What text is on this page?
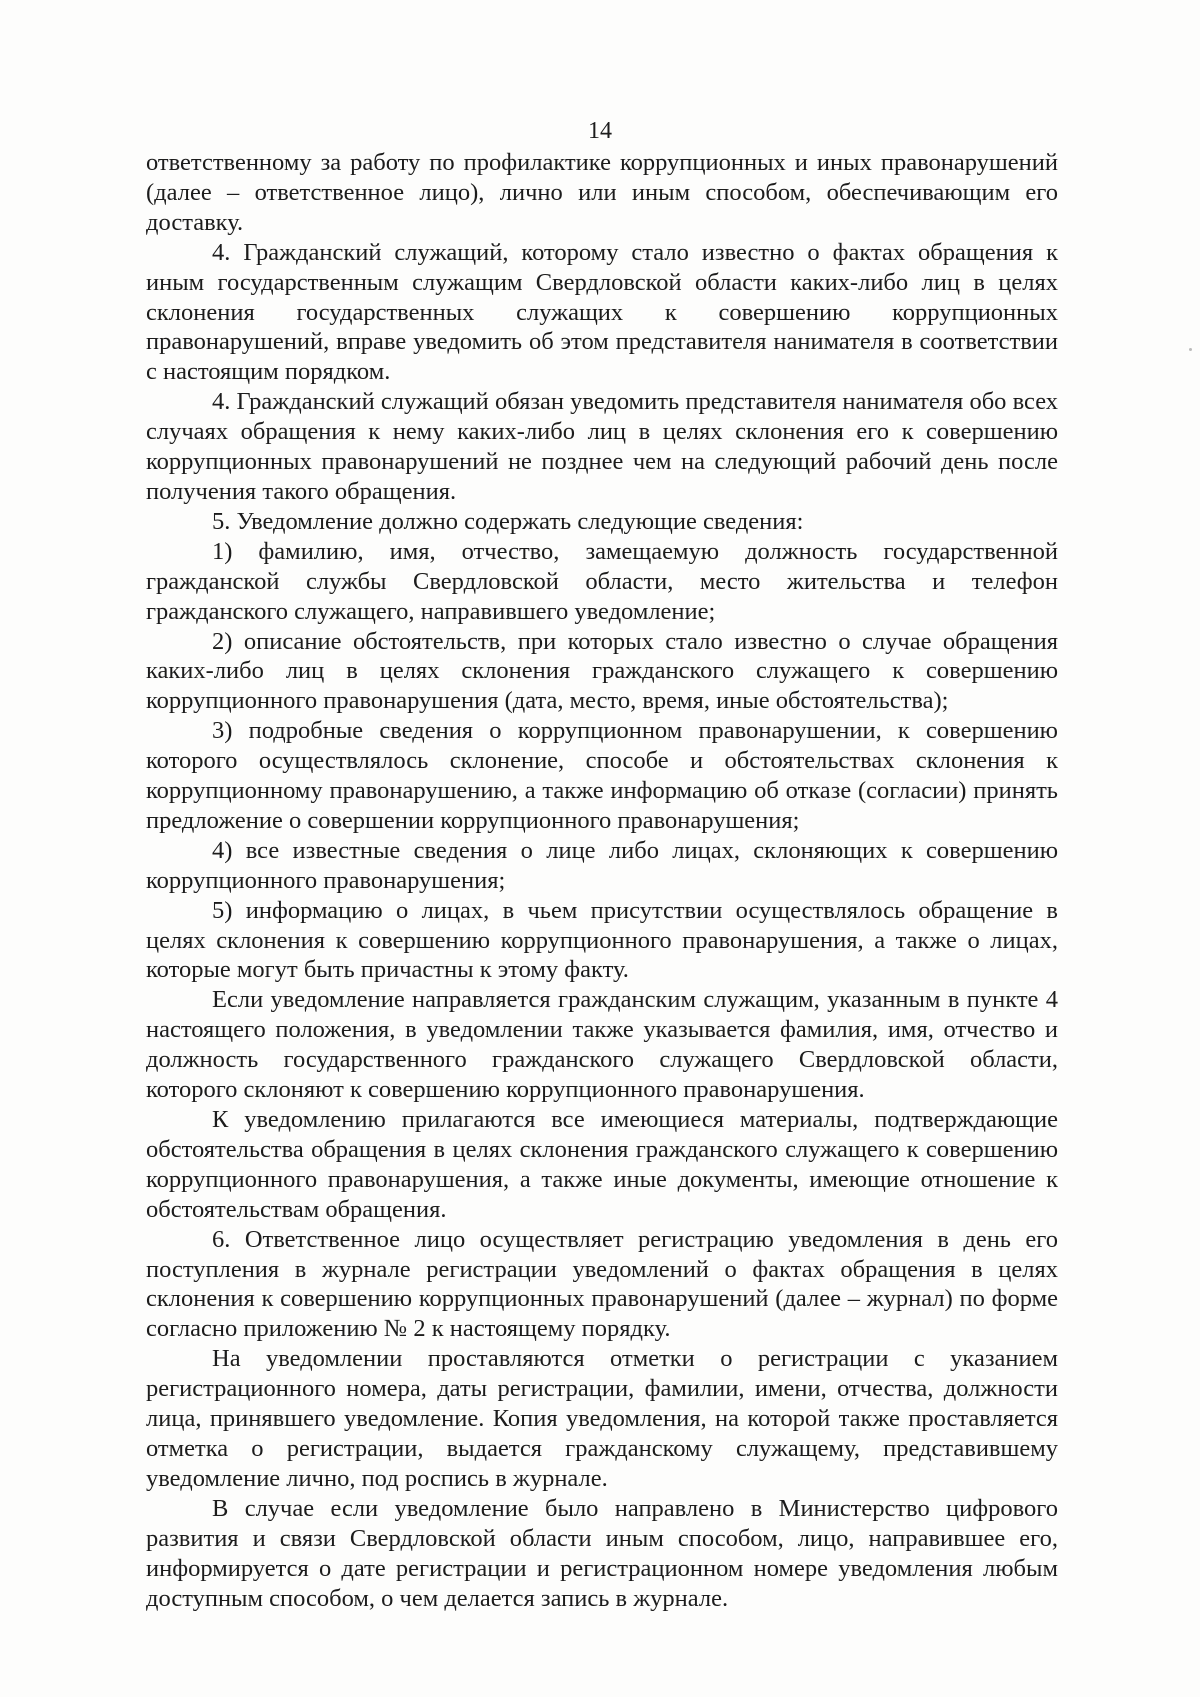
14

ответственному за работу по профилактике коррупционных и иных правонарушений (далее – ответственное лицо), лично или иным способом, обеспечивающим его доставку.

4. Гражданский служащий, которому стало известно о фактах обращения к иным государственным служащим Свердловской области каких-либо лиц в целях склонения государственных служащих к совершению коррупционных правонарушений, вправе уведомить об этом представителя нанимателя в соответствии с настоящим порядком.

4. Гражданский служащий обязан уведомить представителя нанимателя обо всех случаях обращения к нему каких-либо лиц в целях склонения его к совершению коррупционных правонарушений не позднее чем на следующий рабочий день после получения такого обращения.

5. Уведомление должно содержать следующие сведения:

1) фамилию, имя, отчество, замещаемую должность государственной гражданской службы Свердловской области, место жительства и телефон гражданского служащего, направившего уведомление;

2) описание обстоятельств, при которых стало известно о случае обращения каких-либо лиц в целях склонения гражданского служащего к совершению коррупционного правонарушения (дата, место, время, иные обстоятельства);

3) подробные сведения о коррупционном правонарушении, к совершению которого осуществлялось склонение, способе и обстоятельствах склонения к коррупционному правонарушению, а также информацию об отказе (согласии) принять предложение о совершении коррупционного правонарушения;

4) все известные сведения о лице либо лицах, склоняющих к совершению коррупционного правонарушения;

5) информацию о лицах, в чьем присутствии осуществлялось обращение в целях склонения к совершению коррупционного правонарушения, а также о лицах, которые могут быть причастны к этому факту.

Если уведомление направляется гражданским служащим, указанным в пункте 4 настоящего положения, в уведомлении также указывается фамилия, имя, отчество и должность государственного гражданского служащего Свердловской области, которого склоняют к совершению коррупционного правонарушения.

К уведомлению прилагаются все имеющиеся материалы, подтверждающие обстоятельства обращения в целях склонения гражданского служащего к совершению коррупционного правонарушения, а также иные документы, имеющие отношение к обстоятельствам обращения.

6. Ответственное лицо осуществляет регистрацию уведомления в день его поступления в журнале регистрации уведомлений о фактах обращения в целях склонения к совершению коррупционных правонарушений (далее – журнал) по форме согласно приложению № 2 к настоящему порядку.

На уведомлении проставляются отметки о регистрации с указанием регистрационного номера, даты регистрации, фамилии, имени, отчества, должности лица, принявшего уведомление. Копия уведомления, на которой также проставляется отметка о регистрации, выдается гражданскому служащему, представившему уведомление лично, под роспись в журнале.

В случае если уведомление было направлено в Министерство цифрового развития и связи Свердловской области иным способом, лицо, направившее его, информируется о дате регистрации и регистрационном номере уведомления любым доступным способом, о чем делается запись в журнале.
